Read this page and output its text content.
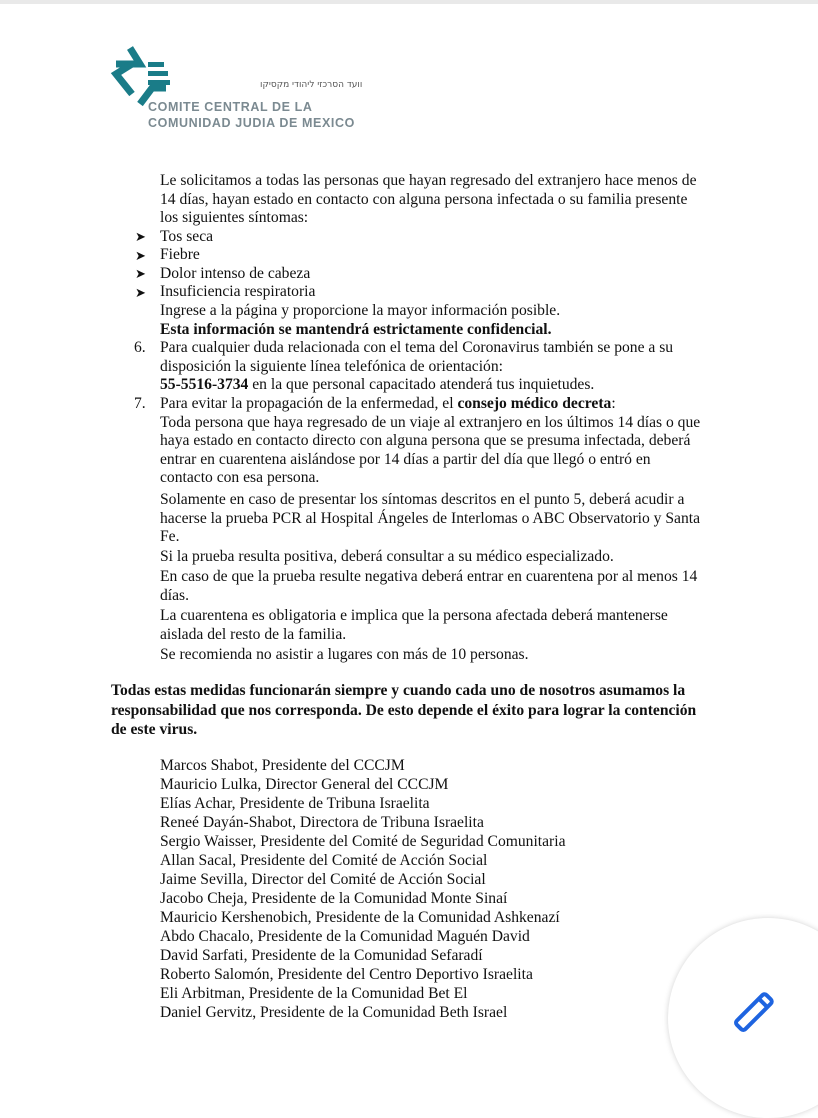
וועד הסרכזי ליהודי מקסיקו
COMITE CENTRAL DE LA
COMUNIDAD JUDIA DE MEXICO
Le solicitamos a todas las personas que hayan regresado del extranjero hace menos de
14 días, hayan estado en contacto con alguna persona infectada o su familia presente
los siguientes síntomas:
➤ Tos seca
➤ Fiebre
➤ Dolor intenso de cabeza
➤ Insuficiencia respiratoria
Ingrese a la página y proporcione la mayor información posible.
Esta información se mantendrá estrictamente confidencial.
6. Para cualquier duda relacionada con el tema del Coronavirus también se pone a su
disposición la siguiente línea telefónica de orientación:
55-5516-3734 en la que personal capacitado atenderá tus inquietudes.
7. Para evitar la propagación de la enfermedad, el consejo médico decreta:
Toda persona que haya regresado de un viaje al extranjero en los últimos 14 días o que
haya estado en contacto directo con alguna persona que se presuma infectada, deberá
entrar en cuarentena aislándose por 14 días a partir del día que llegó o entró en
contacto con esa persona.
Solamente en caso de presentar los síntomas descritos en el punto 5, deberá acudir a
hacerse la prueba PCR al Hospital Ángeles de Interlomas o ABC Observatorio y Santa
Fe.
Si la prueba resulta positiva, deberá consultar a su médico especializado.
En caso de que la prueba resulte negativa deberá entrar en cuarentena por al menos 14
días.
La cuarentena es obligatoria e implica que la persona afectada deberá mantenerse
aislada del resto de la familia.
Se recomienda no asistir a lugares con más de 10 personas.
Todas estas medidas funcionarán siempre y cuando cada uno de nosotros asumamos la
responsabilidad que nos corresponda. De esto depende el éxito para lograr la contención
de este virus.
Marcos Shabot, Presidente del CCCJM
Mauricio Lulka, Director General del CCCJM
Elías Achar, Presidente de Tribuna Israelita
Reneé Dayán-Shabot, Directora de Tribuna Israelita
Sergio Waisser, Presidente del Comité de Seguridad Comunitaria
Allan Sacal, Presidente del Comité de Acción Social
Jaime Sevilla, Director del Comité de Acción Social
Jacobo Cheja, Presidente de la Comunidad Monte Sinaí
Mauricio Kershenobich, Presidente de la Comunidad Ashkenazí
Abdo Chacalo, Presidente de la Comunidad Maguén David
David Sarfati, Presidente de la Comunidad Sefaradí
Roberto Salomón, Presidente del Centro Deportivo Israelita
Eli Arbitman, Presidente de la Comunidad Bet El
Daniel Gervitz, Presidente de la Comunidad Beth Israel
